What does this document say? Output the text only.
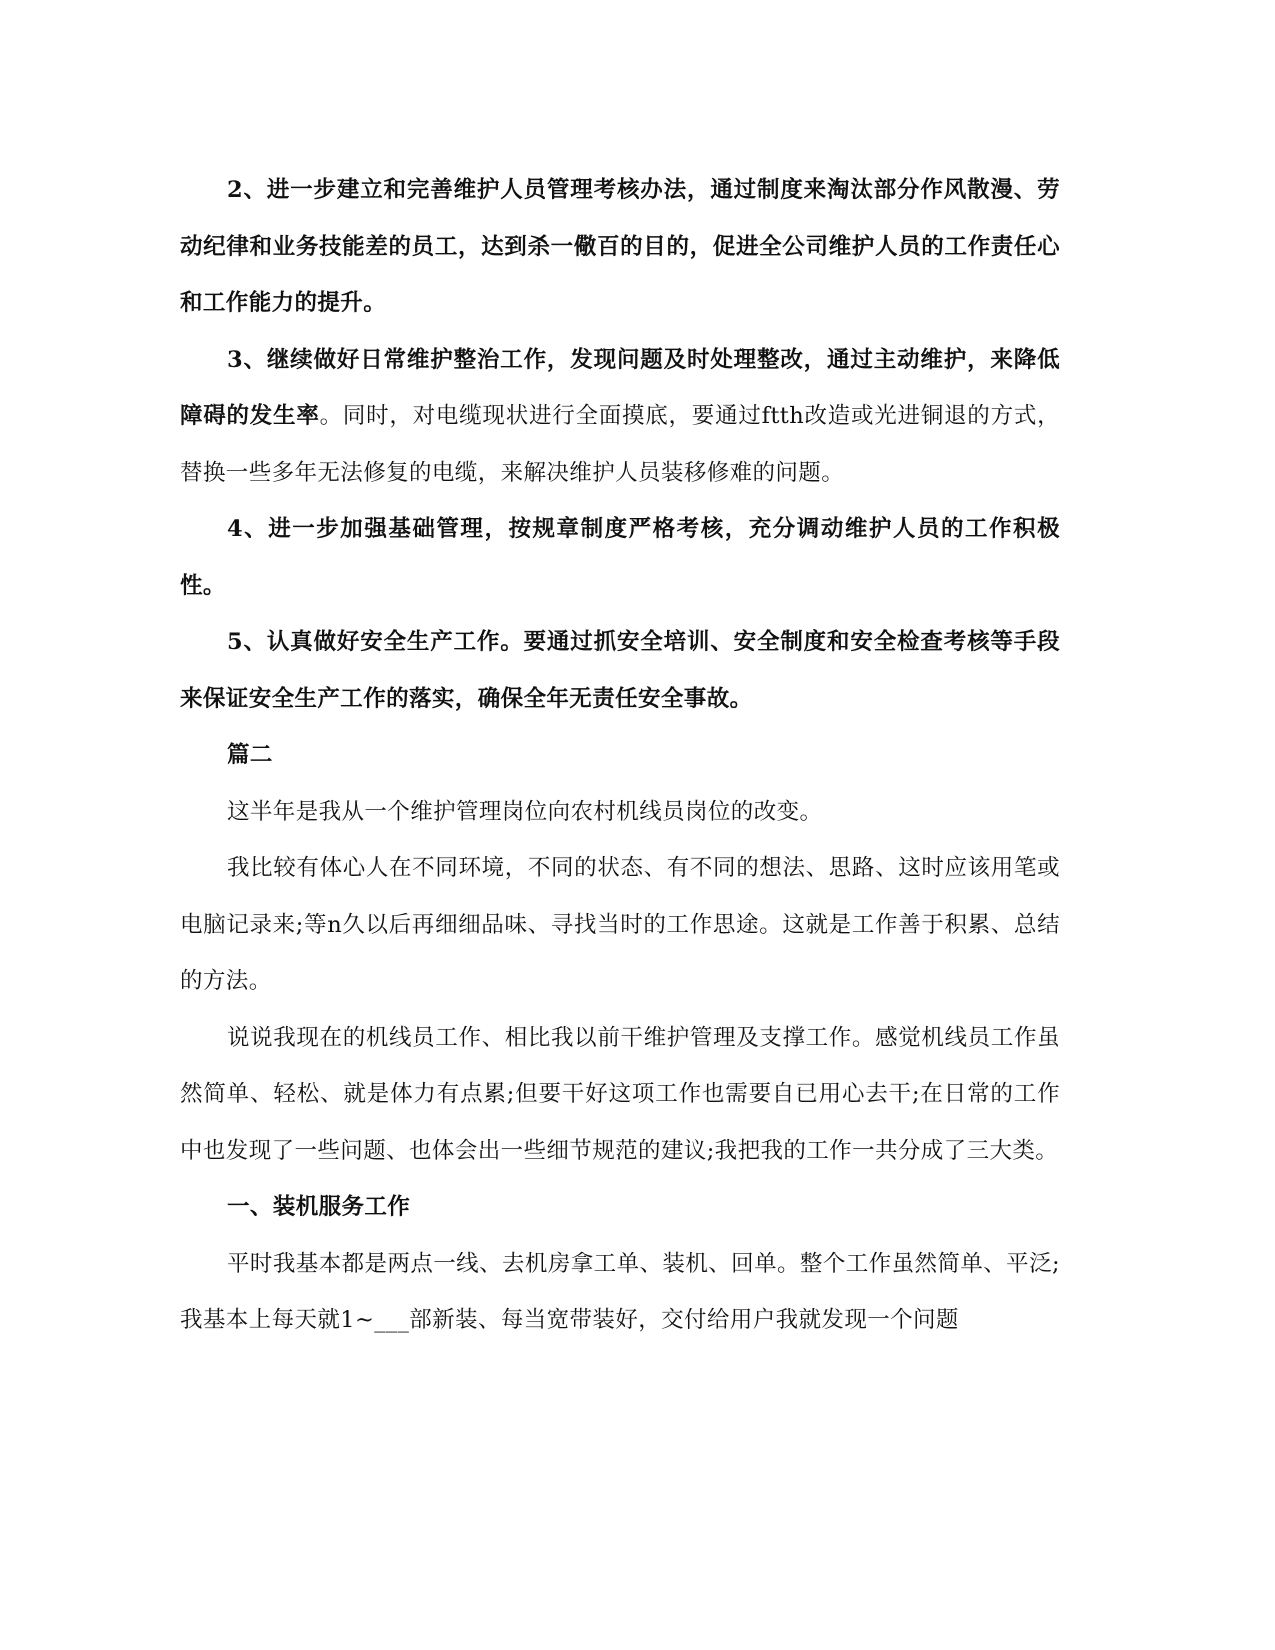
2、进一步建立和完善维护人员管理考核办法，通过制度来淘汰部分作风散漫、劳动纪律和业务技能差的员工，达到杀一儆百的目的，促进全公司维护人员的工作责任心和工作能力的提升。

3、继续做好日常维护整治工作，发现问题及时处理整改，通过主动维护，来降低障碍的发生率。同时，对电缆现状进行全面摸底，要通过ftth改造或光进铜退的方式，替换一些多年无法修复的电缆，来解决维护人员装移修难的问题。

4、进一步加强基础管理，按规章制度严格考核，充分调动维护人员的工作积极性。

5、认真做好安全生产工作。要通过抓安全培训、安全制度和安全检查考核等手段来保证安全生产工作的落实，确保全年无责任安全事故。

篇二

这半年是我从一个维护管理岗位向农村机线员岗位的改变。

我比较有体心人在不同环境，不同的状态、有不同的想法、思路、这时应该用笔或电脑记录来;等n久以后再细细品味、寻找当时的工作思途。这就是工作善于积累、总结的方法。

说说我现在的机线员工作、相比我以前干维护管理及支撑工作。感觉机线员工作虽然简单、轻松、就是体力有点累;但要干好这项工作也需要自已用心去干;在日常的工作中也发现了一些问题、也体会出一些细节规范的建议;我把我的工作一共分成了三大类。

一、装机服务工作

平时我基本都是两点一线、去机房拿工单、装机、回单。整个工作虽然简单、平泛;我基本上每天就1~___部新装、每当宽带装好，交付给用户我就发现一个问题
